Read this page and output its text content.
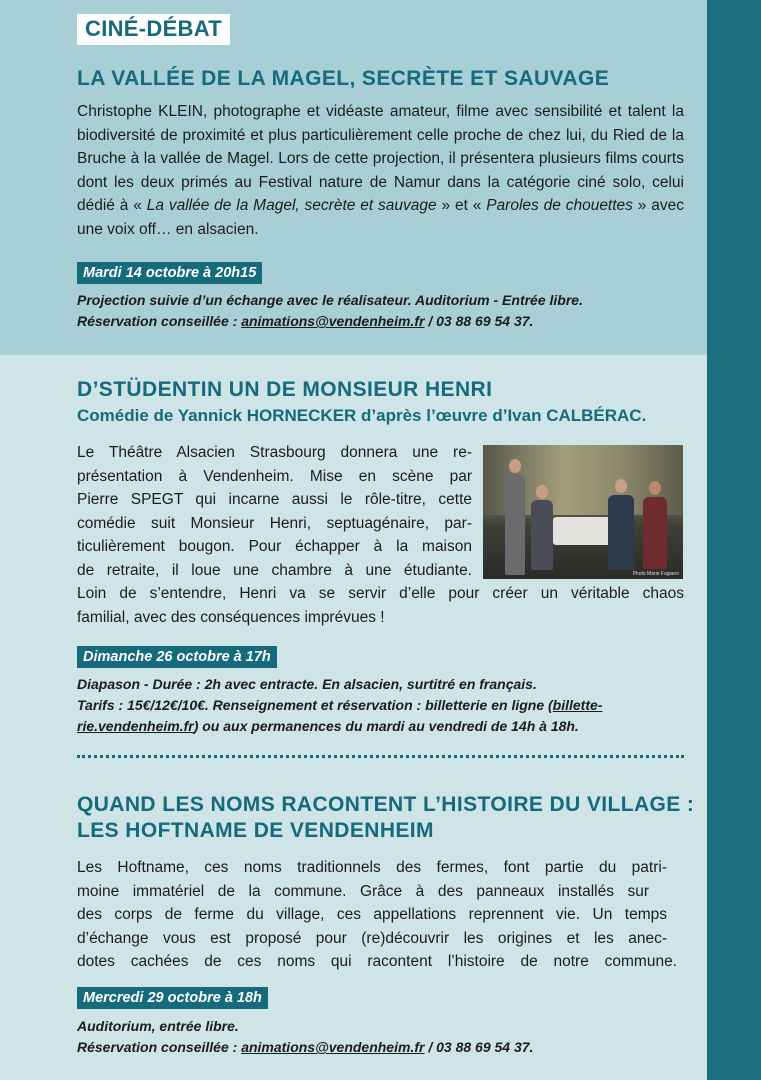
CINÉ-DÉBAT
LA VALLÉE DE LA MAGEL, SECRÈTE ET SAUVAGE

Christophe KLEIN, photographe et vidéaste amateur, filme avec sensibilité et talent la biodiversité de proximité et plus particulièrement celle proche de chez lui, du Ried de la Bruche à la vallée de Magel. Lors de cette projection, il présentera plusieurs films courts dont les deux primés au Festival nature de Namur dans la catégorie ciné solo, celui dédié à « La vallée de la Magel, secrète et sauvage » et « Paroles de chouettes » avec une voix off… en alsacien.

Mardi 14 octobre à 20h15
Projection suivie d’un échange avec le réalisateur. Auditorium - Entrée libre.
Réservation conseillée : animations@vendenheim.fr / 03 88 69 54 37.
D’STÜDENTIN UN DE MONSIEUR HENRI
Comédie de Yannick HORNECKER d’après l’œuvre d’Ivan CALBÉRAC.
Le Théâtre Alsacien Strasbourg donnera une re-
présentation à Vendenheim. Mise en scène par
Pierre SPEGT qui incarne aussi le rôle-titre, cette
comédie suit Monsieur Henri, septuagénaire, par-
ticulièrement bougon. Pour échapper à la maison
de retraite, il loue une chambre à une étudiante.
Loin de s’entendre, Henri va se servir d’elle pour créer un véritable chaos
familial, avec des conséquences imprévues !
Photo Marie Fagiano
Dimanche 26 octobre à 17h
Diapason - Durée : 2h avec entracte. En alsacien, surtitré en français.
Tarifs : 15€/12€/10€. Renseignement et réservation : billetterie en ligne (billette-
rie.vendenheim.fr) ou aux permanences du mardi au vendredi de 14h à 18h.
QUAND LES NOMS RACONTENT L’HISTOIRE DU VILLAGE :
LES HOFTNAME DE VENDENHEIM
Les Hoftname, ces noms traditionnels des fermes, font partie du patri-
moine immatériel de la commune. Grâce à des panneaux installés sur
des corps de ferme du village, ces appellations reprennent vie. Un temps
d’échange vous est proposé pour (re)découvrir les origines et les anec-
dotes cachées de ces noms qui racontent l’histoire de notre commune.
Mercredi 29 octobre à 18h
Auditorium, entrée libre.
Réservation conseillée : animations@vendenheim.fr / 03 88 69 54 37.
